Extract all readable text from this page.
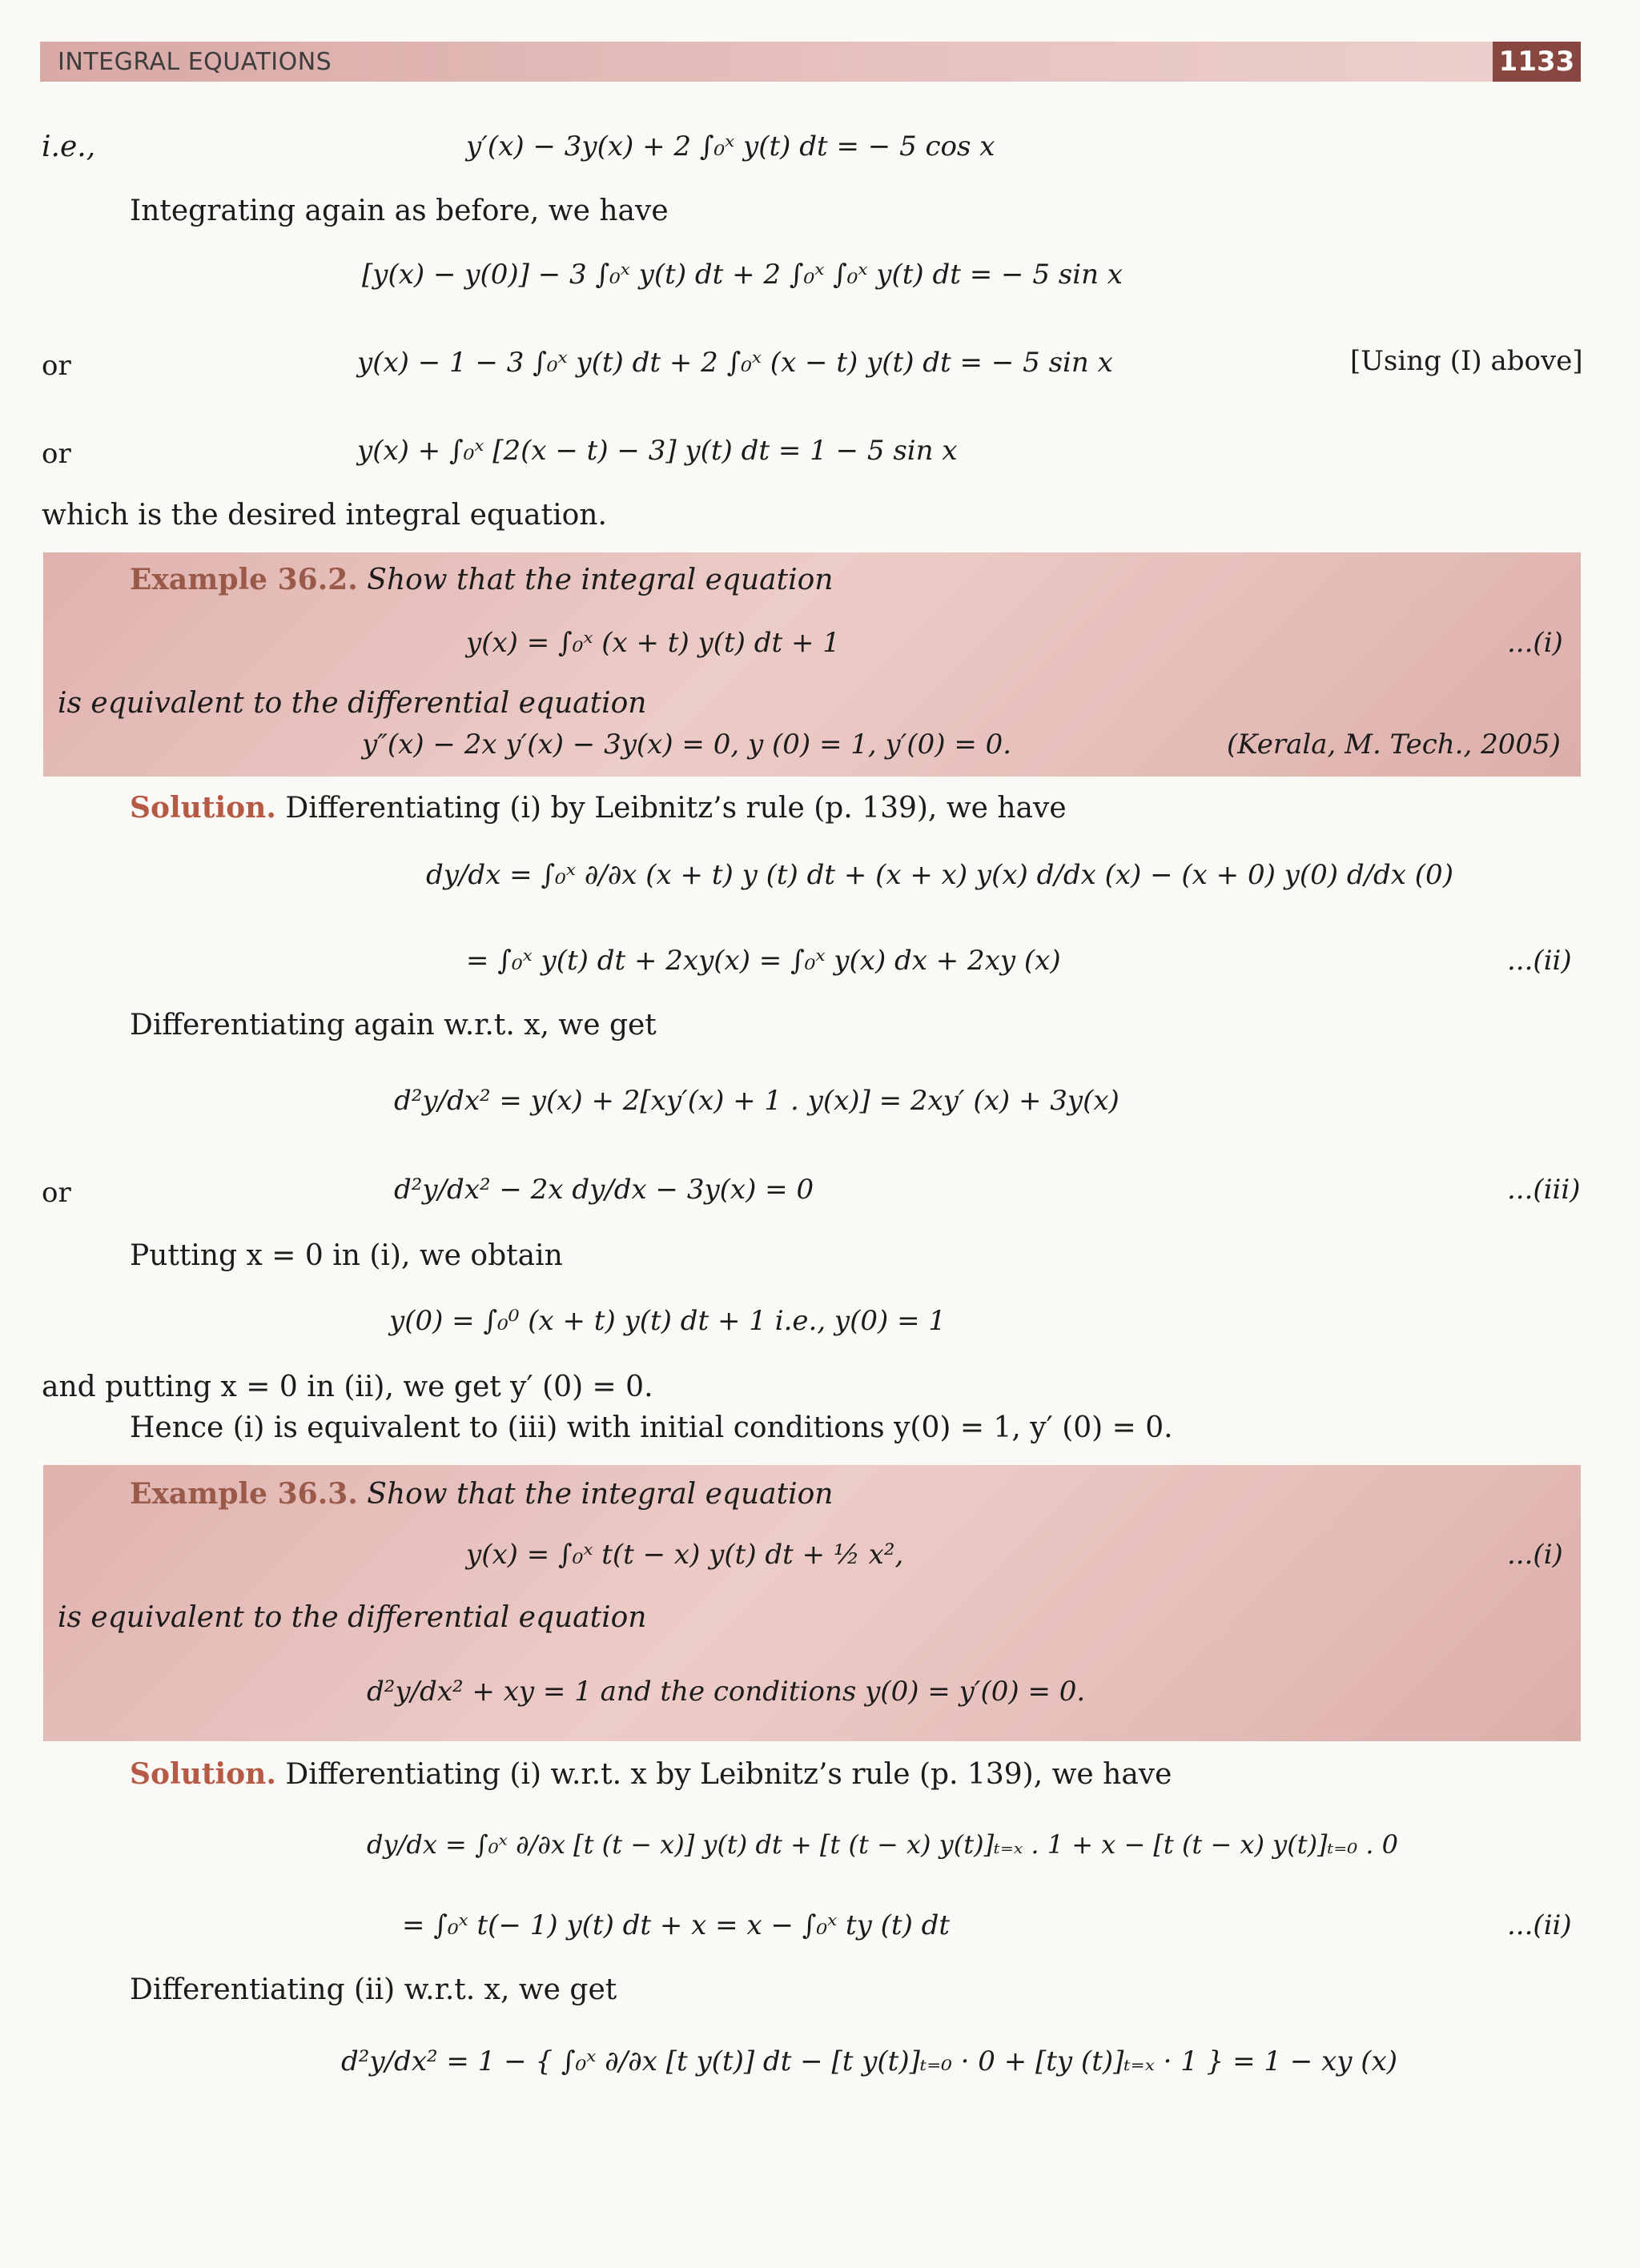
INTEGRAL EQUATIONS	1133
i.e.,	y′(x) − 3y(x) + 2 ∫₀ˣ y(t) dt = − 5 cos x
Integrating again as before, we have
[y(x) − y(0)] − 3 ∫₀ˣ y(t) dt + 2 ∫₀ˣ ∫₀ˣ y(t) dt = − 5 sin x
or	y(x) − 1 − 3 ∫₀ˣ y(t) dt + 2 ∫₀ˣ (x − t) y(t) dt = − 5 sin x	[Using (I) above]
or	y(x) + ∫₀ˣ [2(x − t) − 3] y(t) dt = 1 − 5 sin x
which is the desired integral equation.
Example 36.2. Show that the integral equation
y(x) = ∫₀ˣ (x + t) y(t) dt + 1	...(i)
is equivalent to the differential equation
y″(x) − 2x y′(x) − 3y(x) = 0, y (0) = 1, y′(0) = 0.	(Kerala, M. Tech., 2005)
Solution. Differentiating (i) by Leibnitz’s rule (p. 139), we have
dy/dx = ∫₀ˣ ∂/∂x (x + t) y (t) dt + (x + x) y(x) d/dx (x) − (x + 0) y(0) d/dx (0)
= ∫₀ˣ y(t) dt + 2xy(x) = ∫₀ˣ y(x) dx + 2xy (x)	...(ii)
Differentiating again w.r.t. x, we get
d²y/dx² = y(x) + 2[xy′(x) + 1 . y(x)] = 2xy′ (x) + 3y(x)
or	d²y/dx² − 2x dy/dx − 3y(x) = 0	...(iii)
Putting x = 0 in (i), we obtain
y(0) = ∫₀⁰ (x + t) y(t) dt + 1 i.e., y(0) = 1
and putting x = 0 in (ii), we get y′ (0) = 0.
Hence (i) is equivalent to (iii) with initial conditions y(0) = 1, y′ (0) = 0.
Example 36.3. Show that the integral equation
y(x) = ∫₀ˣ t(t − x) y(t) dt + ½ x²,	...(i)
is equivalent to the differential equation
d²y/dx² + xy = 1 and the conditions y(0) = y′(0) = 0.
Solution. Differentiating (i) w.r.t. x by Leibnitz’s rule (p. 139), we have
dy/dx = ∫₀ˣ ∂/∂x [t (t − x)] y(t) dt + [t (t − x) y(t)]ₜ₌ₓ . 1 + x − [t (t − x) y(t)]ₜ₌₀ . 0
= ∫₀ˣ t(− 1) y(t) dt + x = x − ∫₀ˣ ty (t) dt	...(ii)
Differentiating (ii) w.r.t. x, we get
d²y/dx² = 1 − { ∫₀ˣ ∂/∂x [t y(t)] dt − [t y(t)]ₜ₌₀ · 0 + [ty (t)]ₜ₌ₓ · 1 } = 1 − xy (x)
